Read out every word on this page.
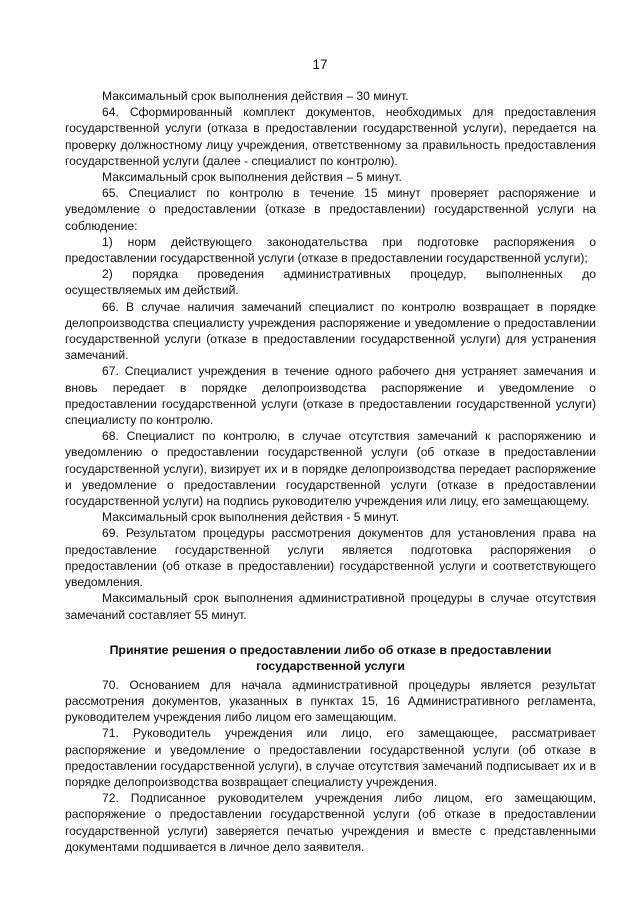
17

Максимальный срок выполнения действия – 30 минут.

64. Сформированный комплект документов, необходимых для предоставления государственной услуги (отказа в предоставлении государственной услуги), передается на проверку должностному лицу учреждения, ответственному за правильность предоставления государственной услуги (далее - специалист по контролю).

Максимальный срок выполнения действия – 5 минут.

65. Специалист по контролю в течение 15 минут проверяет распоряжение и уведомление о предоставлении (отказе в предоставлении) государственной услуги на соблюдение:

1) норм действующего законодательства при подготовке распоряжения о предоставлении государственной услуги (отказе в предоставлении государственной услуги);

2) порядка проведения административных процедур, выполненных до осуществляемых им действий.

66. В случае наличия замечаний специалист по контролю возвращает в порядке делопроизводства специалисту учреждения распоряжение и уведомление о предоставлении государственной услуги (отказе в предоставлении государственной услуги) для устранения замечаний.

67. Специалист учреждения в течение одного рабочего дня устраняет замечания и вновь передает в порядке делопроизводства распоряжение и уведомление о предоставлении государственной услуги (отказе в предоставлении государственной услуги) специалисту по контролю.

68. Специалист по контролю, в случае отсутствия замечаний к распоряжению и уведомлению о предоставлении государственной услуги (об отказе в предоставлении государственной услуги), визирует их и в порядке делопроизводства передает распоряжение и уведомление о предоставлении государственной услуги (отказе в предоставлении государственной услуги) на подпись руководителю учреждения или лицу, его замещающему.

Максимальный срок выполнения действия - 5 минут.

69. Результатом процедуры рассмотрения документов для установления права на предоставление государственной услуги является подготовка распоряжения о предоставлении (об отказе в предоставлении) государственной услуги и соответствующего уведомления.

Максимальный срок выполнения административной процедуры в случае отсутствия замечаний составляет 55 минут.

Принятие решения о предоставлении либо об отказе в предоставлении государственной услуги

70. Основанием для начала административной процедуры является результат рассмотрения документов, указанных в пунктах 15, 16 Административного регламента, руководителем учреждения либо лицом его замещающим.

71. Руководитель учреждения или лицо, его замещающее, рассматривает распоряжение и уведомление о предоставлении государственной услуги (об отказе в предоставлении государственной услуги), в случае отсутствия замечаний подписывает их и в порядке делопроизводства возвращает специалисту учреждения.

72. Подписанное руководителем учреждения либо лицом, его замещающим, распоряжение о предоставлении государственной услуги (об отказе в предоставлении государственной услуги) заверяется печатью учреждения и вместе с представленными документами подшивается в личное дело заявителя.
